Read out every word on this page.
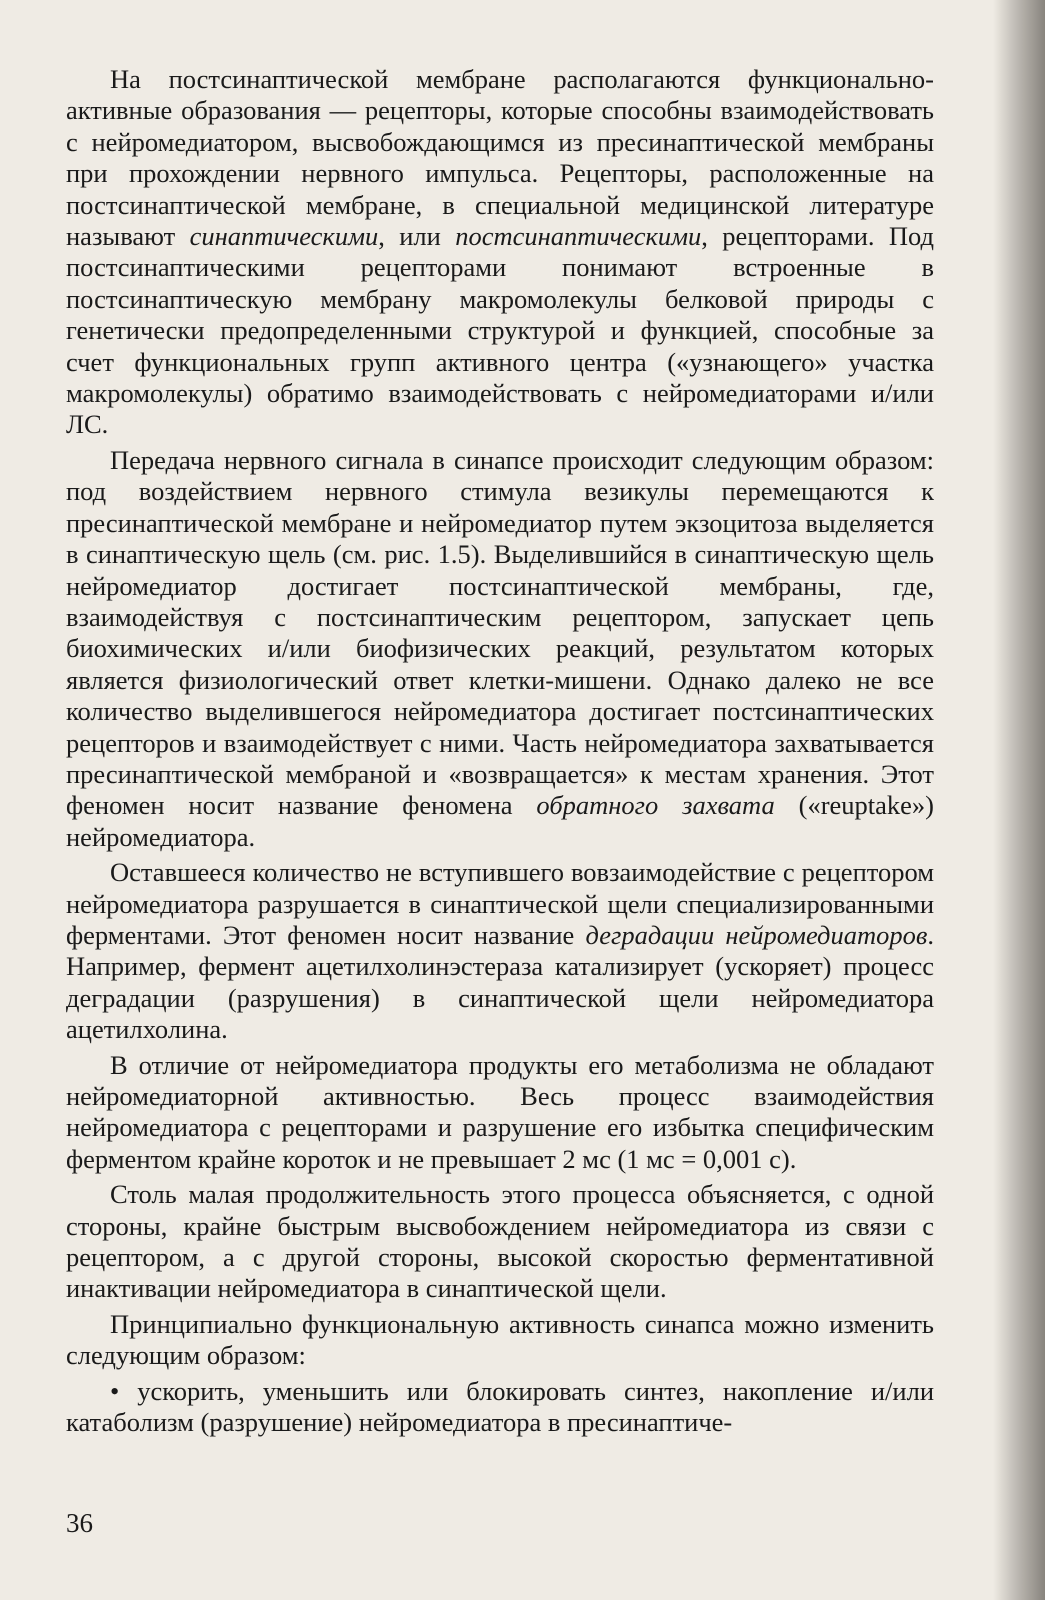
На постсинаптической мембране располагаются функционально-активные образования — рецепторы, которые способны взаимодействовать с нейромедиатором, высвобождающимся из пресинаптической мембраны при прохождении нервного импульса. Рецепторы, расположенные на постсинаптической мембране, в специальной медицинской литературе называют синаптическими, или постсинаптическими, рецепторами. Под постсинаптическими рецепторами понимают встроенные в постсинаптическую мембрану макромолекулы белковой природы с генетически предопределенными структурой и функцией, способные за счет функциональных групп активного центра («узнающего» участка макромолекулы) обратимо взаимодействовать с нейромедиаторами и/или ЛС.

Передача нервного сигнала в синапсе происходит следующим образом: под воздействием нервного стимула везикулы перемещаются к пресинаптической мембране и нейромедиатор путем экзоцитоза выделяется в синаптическую щель (см. рис. 1.5). Выделившийся в синаптическую щель нейромедиатор достигает постсинаптической мембраны, где, взаимодействуя с постсинаптическим рецептором, запускает цепь биохимических и/или биофизических реакций, результатом которых является физиологический ответ клетки-мишени. Однако далеко не все количество выделившегося нейромедиатора достигает постсинаптических рецепторов и взаимодействует с ними. Часть нейромедиатора захватывается пресинаптической мембраной и «возвращается» к местам хранения. Этот феномен носит название феномена обратного захвата («reuptake») нейромедиатора.

Оставшееся количество не вступившего вовзаимодействие с рецептором нейромедиатора разрушается в синаптической щели специализированными ферментами. Этот феномен носит название деградации нейромедиаторов. Например, фермент ацетилхолинэстераза катализирует (ускоряет) процесс деградации (разрушения) в синаптической щели нейромедиатора ацетилхолина.

В отличие от нейромедиатора продукты его метаболизма не обладают нейромедиаторной активностью. Весь процесс взаимодействия нейромедиатора с рецепторами и разрушение его избытка специфическим ферментом крайне короток и не превышает 2 мс (1 мс = 0,001 с).

Столь малая продолжительность этого процесса объясняется, с одной стороны, крайне быстрым высвобождением нейромедиатора из связи с рецептором, а с другой стороны, высокой скоростью ферментативной инактивации нейромедиатора в синаптической щели.

Принципиально функциональную активность синапса можно изменить следующим образом:

• ускорить, уменьшить или блокировать синтез, накопление и/или катаболизм (разрушение) нейромедиатора в пресинаптиче-

36
